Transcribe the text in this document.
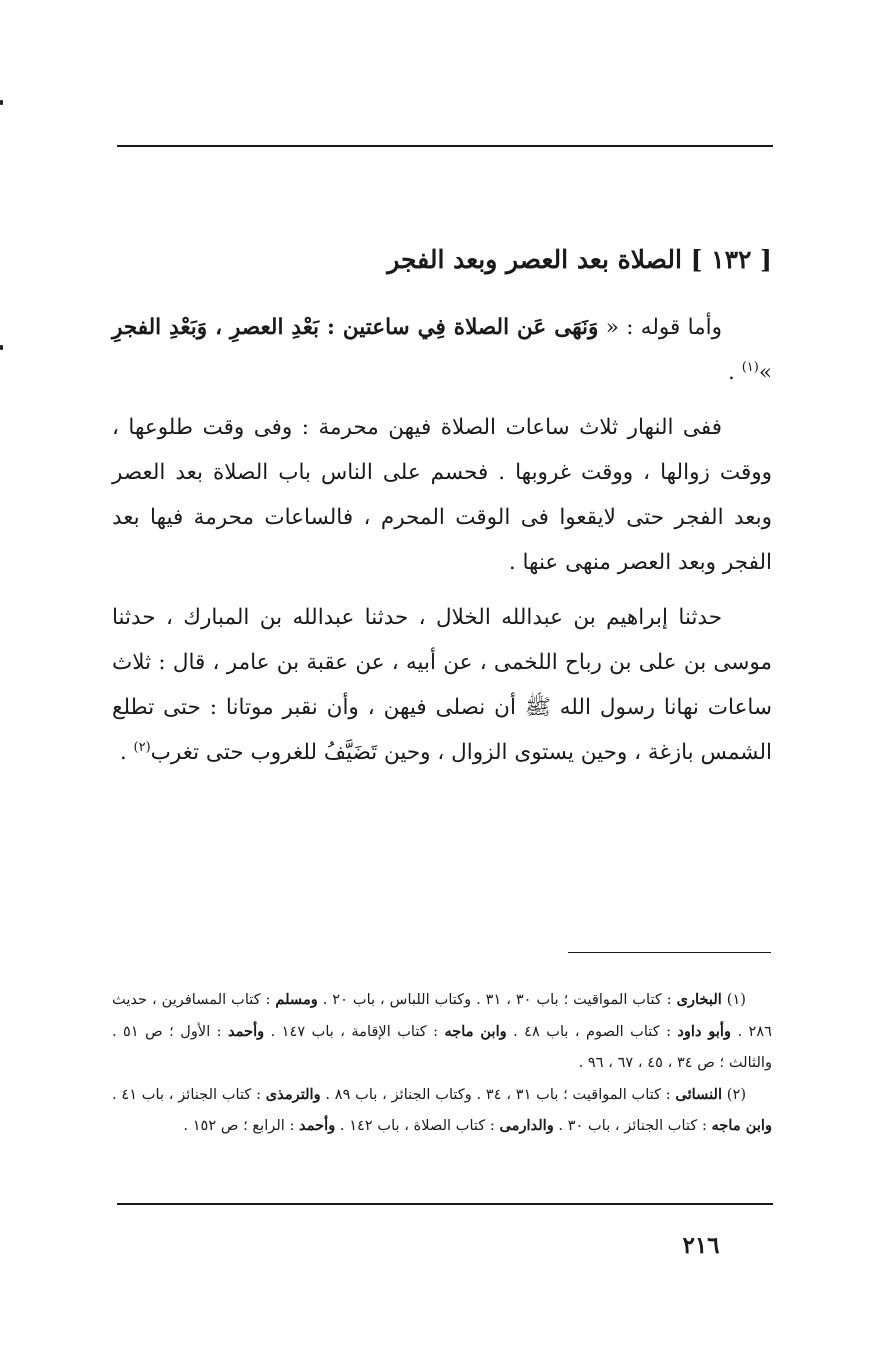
[ ١٣٢ ] الصلاة بعد العصر وبعد الفجر

وأما قوله : « وَنَهَى عَن الصلاة فِي ساعتين : بَعْدِ العصرِ ، وَبَعْدِ الفجرِ »$^{(١)}$ .

ففى النهار ثلاث ساعات الصلاة فيهن محرمة : وفى وقت طلوعها ، ووقت زوالها ، ووقت غروبها . فحسم على الناس باب الصلاة بعد العصر وبعد الفجر حتى لايقعوا فى الوقت المحرم ، فالساعات محرمة فيها بعد الفجر وبعد العصر منهى عنها .

حدثنا إبراهيم بن عبدالله الخلال ، حدثنا عبدالله بن المبارك ، حدثنا موسى بن على بن رباح اللخمى ، عن أبيه ، عن عقبة بن عامر ، قال : ثلاث ساعات نهانا رسول الله ﷺ أن نصلى فيهن ، وأن نقبر موتانا : حتى تطلع الشمس بازغة ، وحين يستوى الزوال ، وحين تَضَيَّفُ للغروب حتى تغرب$^{(٢)}$ .

(١) البخارى : كتاب المواقيت ؛ باب ٣٠ ، ٣١ . وكتاب اللباس ، باب ٢٠ . ومسلم : كتاب المسافرين ، حديث ٢٨٦ . وأبو داود : كتاب الصوم ، باب ٤٨ . وابن ماجه : كتاب الإقامة ، باب ١٤٧ . وأحمد : الأول ؛ ص ٥١ . والثالث ؛ ص ٣٤ ، ٤٥ ، ٦٧ ، ٩٦ .

(٢) النسائى : كتاب المواقيت ؛ باب ٣١ ، ٣٤ . وكتاب الجنائز ، باب ٨٩ . والترمذى : كتاب الجنائز ، باب ٤١ . وابن ماجه : كتاب الجنائز ، باب ٣٠ . والدارمى : كتاب الصلاة ، باب ١٤٢ . وأحمد : الرابع ؛ ص ١٥٢ .

٢١٦
